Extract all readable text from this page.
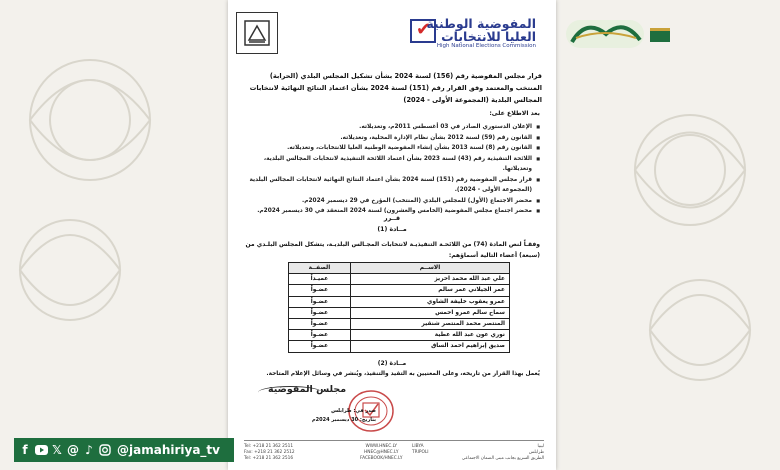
✔
المفوضية الوطنية
العليا للانتخابات
High National Elections Commission
قرار مجلس المفوضية رقم (156) لسنة 2024 بشأن تشكيل المجلس البلدي (الحرابة) المنتخب والمعتمد وفق القرار رقم (151) لسنة 2024 بشأن اعتماد النتائج النهائية لانتخابات المجالس البلدية (المجموعة الأولى - 2024)
بعد الاطلاع على:
■ الإعلان الدستوري الصادر في 03 أغسطس 2011م، وتعديلاته.
■ القانون رقم (59) لسنة 2012 بشأن نظام الإدارة المحلية، وتعديلاته.
■ القانون رقم (8) لسنة 2013 بشأن إنشاء المفوضية الوطنية العليا للانتخابات، وتعديلاته.
■ اللائحة التنفيذية رقم (43) لسنة 2023 بشأن اعتماد اللائحة التنفيذية لانتخابات المجالس البلدية، وتعديلاتها.
■ قرار مجلس المفوضية رقم (151) لسنة 2024 بشأن اعتماد النتائج النهائية لانتخابات المجالس البلدية (المجموعة الأولى - 2024).
■ محضر الاجتماع (الأول) للمجلس البلدي (المنتخب) المؤرخ في 29 ديسمبر 2024م.
■ محضر اجتماع مجلس المفوضية (الخامس والعشرون) لسنة 2024 المنعقد في 30 ديسمبر 2024م.
قــرر
مــادة (1)
وفقـاً لنص المادة (74) من اللائحـة التنفيذيـة لانتخابات المجـالس البلديـة، يتشكل المجلس البلـدي من (سبعة) أعضاء التالية أسماؤهم:
الاســم	الصفــة
علي عبد الله محمد احريز	عميـداً
عمر الجيلاني عمر سالم	عضـواً
عمرو يعقوب خليفة الشاوي	عضـواً
سماح سالم عمرو احمس	عضـواً
المنتصر محمد المنتصر شنقير	عضـواً
نوري عون عبد الله عطية	عضـواً
صديق إبراهيم احمد الساق	عضـواً
مــادة (2)
يُعمل بهذا القرار من تاريخه، وعلى المعنيين به التقيد والتنفيذ، ويُنشر في وسائل الإعلام المتاحة.
مجلس المفوضية
صدر في: طرابلس
بتاريخ: 30 ديسمبر 2024م
Tel: +218 21 362 2511
Fax: +218 21 362 2512
Tel: +218 21 362 2516
WWW.HNEC.LY
HNEC@HNEC.LY
FACEBOOK/HNEC.LY
LIBYA
TRIPOLI
ليبيا
طرابلس
الطريق السريع بجانب مبنى الضمان الاجتماعي
f	𝕏 @ ♪ @jamahiriya_tv
